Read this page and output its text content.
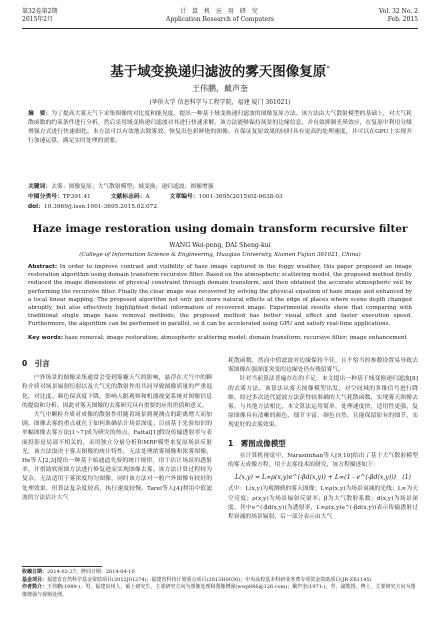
第32卷第2期
2015年2月
计 算 机 应 用 研 究
Application Research of Computers
Vol. 32 No. 2
Feb. 2015
基于域变换递归滤波的雾天图像复原*
王伟鹏，戴声奎
(华侨大学 信息科学与工程学院，福建 厦门 361021)
摘　要：为了提高大雾天气下采集图像的对比度和能见度，提出一种基于域变换递归滤波的图像复原方法。该方法由大气散射模型的基础上，对大气耗散函数的约束条件进行分析，然后采用域变换递归滤波对其进行快速求解。该方法能够保持场景的边缘信息，并有效抑制光晕效应，在复原中利用分级增强方式进行快速细化。本方法可以有效地去除雾效，恢复出色彩鲜艳的图像，在保证复原效果的同时具有更高的处理速度，并可以在GPU上实现并行加速运算，满足实时处理的需要。
关键词：去雾；图像复原；大气散射模型；域变换；递归滤波；图像增强
中图分类号：TP391.41	文献标志码：A	文章编号：1001-3695(2015)02-0638-03
doi：10.3969/j.issn.1001-3695.2015.02.072
Haze image restoration using domain transform recursive filter
WANG Wei-peng, DAI Sheng-kui
(College of Information Science & Engineering, Huaqiao University, Xiamen Fujian 361021, China)
Abstract: In order to improve contrast and visibility of haze image captured in the foggy weather, this paper proposed an image restoration algorithm using domain transform recursive filter. Based on the atmospheric scattering model, the proposed method firstly reduced the image dimensions of physical constraint through domain transform, and then obtained the accurate atmospheric veil by performing the recursive filter. Finally the clear image was recovered by solving the physical equation of haze image and enhanced by a local linear mapping. The proposed algorithm not only got more natural effects at the edge of places where scene depth changed abruptly, but also effectively highlighted detail information of recovered image. Experimental results show that comparing with traditional single image haze removal methods, the proposed method has better visual effect and faster execution speed. Furthermore, the algorithm can be performed in parallel, so it can be accelerated using GPU and satisfy real-time applications.
Key words: haze removal; image restoration; atmospheric scattering model; domain transform; recursive filter; image enhancement
0　引言

户外场景的图像采集通常会受到雾霾天气的影响，悬浮在大气中的颗粒介质对场景辐射衍射以及大气光的散射作用共同导致图像质量的严重退化，对比度、颜色保真度下降，影响人眼观察和机器视觉系统对图像信息的提取和分析。因此对雾天图像的去雾研究具有重要的应用价值和意义。

大气中颗粒介质对成像的散射作用随着场景到观测点的距离增大而加剧，图像去雾的重点就在于如何准确估计场景深度。目前基于先验知识的单幅图像去雾方法[1~7]成为研究的热点。Fattal[1]假设传输透射率与表面投影是局部不相关的，采用独立分量分析和MRF模型来复原场景反射光，该方法取决于雾天图像的统计特性，无法处理浓雾图像和浓雾图像。He等人[2,3]提出一种基于暗通道先验的统计规律，用于估计场景的透射率，并借助软抠图方法进行修复进而实现图像去雾。该方法计算过程较为复杂，无法适用于雾浓度均匀图像，同时该方法对一般户外图像有较好的处理效果，但算法复杂度较高，执行速度较慢。Tarel等人[4]利用中值滤波的方法估计大气

耗散函数，然而中值滤波对边缘保持不佳，且不恰当的参数设置易导致去雾图像在强深度突变的边缘处仍有残留雾气。

针对当前算法普遍存在的不足，本文提出一种基于域变换递归滤波[8]的去雾方法。该算法从雾天图像模型出发，对空间域的多维信号进行降维，经过多次迭代滤波方法获得较准确的大气耗散函数，实现雾天图像去雾。与其他方法相比，本文算法运用简单，处理速度快，适用性更强，复原图像具有清晰的颜色，细节丰富，颜色自然，且能保留原有的细节，实现更好的去雾效果。

1　雾图成像模型

在计算机视觉中，Narasimhan等人[9,10]给出了基于大气散射模型的雾天成像方程，用于去雾技术的研究，该方程描述如下：

L(x,y) = L∞ρ(x,y)e^(-βd(x,y)) + L∞(1 - e^(-βd(x,y)))　(1)

式中：L(x,y)为观测到的雾天图像；L∞ρ(x,y)为场景衰减的光线；L∞为天空亮度；ρ(x,y)为场景辐射反射率；β为大气散射系数；d(x,y)为场景深度。其中e^(-βd(x,y))为透射率，L∞ρ(x,y)e^(-βd(x,y))表示传输透射过程衰减的场景辐射，后一部分表示由大气

收稿日期：2014-02-27；修回日期：2014-04-10
基金项目：福建省自然科学基金资助项目(2012J01274)；福建省科技计划重点项目(2013H0030)；中央高校基本科研业务费专项资金资助项目(JB-ZR1145)
作者简介：王伟鹏(1989-)，男，福建泉州人，硕士研究生，主要研究方向为图像处理和图像增强(wwp886@126.com)；戴声奎(1971-)，男，副教授，博士，主要研究方向为图像增强与视频处理。
